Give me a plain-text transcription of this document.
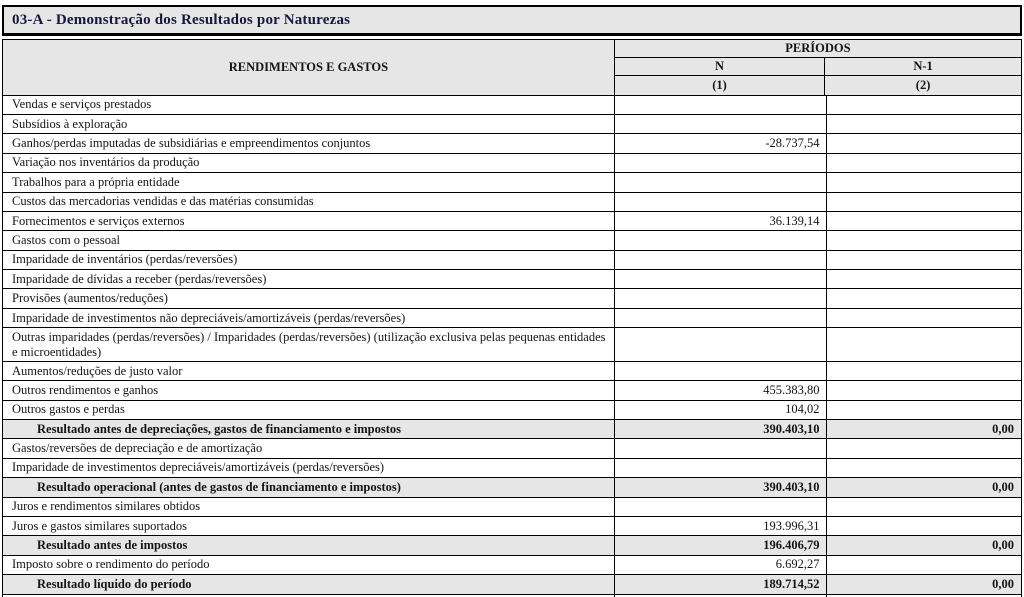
03-A - Demonstração dos Resultados por Naturezas
RENDIMENTOS E GASTOS
PERÍODOS
N	N-1
(1)	(2)
Vendas e serviços prestados
Subsídios à exploração
Ganhos/perdas imputadas de subsidiárias e empreendimentos conjuntos	-28.737,54
Variação nos inventários da produção
Trabalhos para a própria entidade
Custos das mercadorias vendidas e das matérias consumidas
Fornecimentos e serviços externos	36.139,14
Gastos com o pessoal
Imparidade de inventários (perdas/reversões)
Imparidade de dívidas a receber (perdas/reversões)
Provisões (aumentos/reduções)
Imparidade de investimentos não depreciáveis/amortizáveis (perdas/reversões)
Outras imparidades (perdas/reversões) / Imparidades (perdas/reversões) (utilização exclusiva pelas pequenas entidades e microentidades)
Aumentos/reduções de justo valor
Outros rendimentos e ganhos	455.383,80
Outros gastos e perdas	104,02
Resultado antes de depreciações, gastos de financiamento e impostos	390.403,10	0,00
Gastos/reversões de depreciação e de amortização
Imparidade de investimentos depreciáveis/amortizáveis (perdas/reversões)
Resultado operacional (antes de gastos de financiamento e impostos)	390.403,10	0,00
Juros e rendimentos similares obtidos
Juros e gastos similares suportados	193.996,31
Resultado antes de impostos	196.406,79	0,00
Imposto sobre o rendimento do período	6.692,27
Resultado líquido do período	189.714,52	0,00
